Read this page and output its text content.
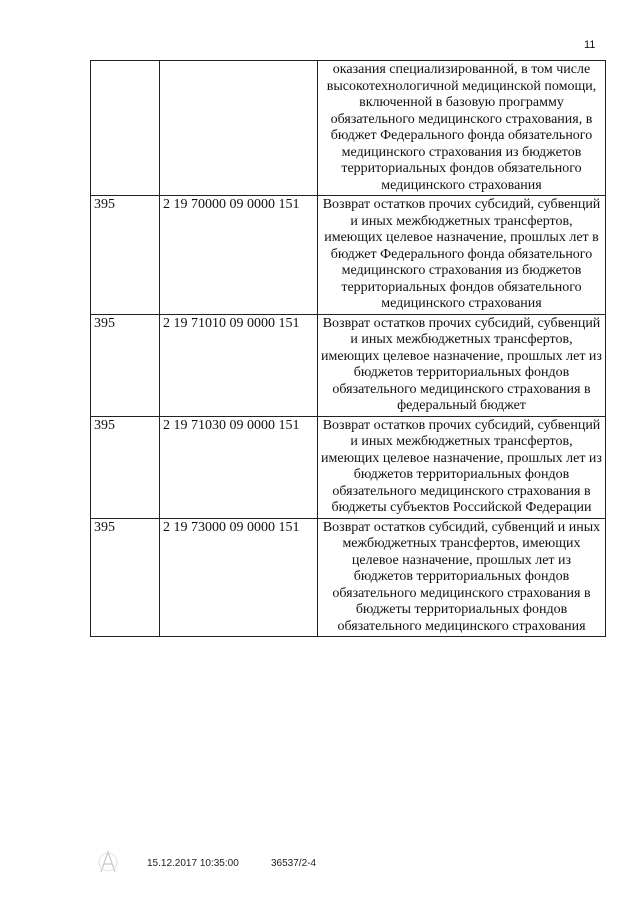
11
		оказания специализированной, в том числе высокотехнологичной медицинской помощи, включенной в базовую программу обязательного медицинского страхования, в бюджет Федерального фонда обязательного медицинского страхования из бюджетов территориальных фондов обязательного медицинского страхования
395	2 19 70000 09 0000 151	Возврат остатков прочих субсидий, субвенций и иных межбюджетных трансфертов, имеющих целевое назначение, прошлых лет в бюджет Федерального фонда обязательного медицинского страхования из бюджетов территориальных фондов обязательного медицинского страхования
395	2 19 71010 09 0000 151	Возврат остатков прочих субсидий, субвенций и иных межбюджетных трансфертов, имеющих целевое назначение, прошлых лет из бюджетов территориальных фондов обязательного медицинского страхования в федеральный бюджет
395	2 19 71030 09 0000 151	Возврат остатков прочих субсидий, субвенций и иных межбюджетных трансфертов, имеющих целевое назначение, прошлых лет из бюджетов территориальных фондов обязательного медицинского страхования в бюджеты субъектов Российской Федерации
395	2 19 73000 09 0000 151	Возврат остатков субсидий, субвенций и иных межбюджетных трансфертов, имеющих целевое назначение, прошлых лет из бюджетов территориальных фондов обязательного медицинского страхования в бюджеты территориальных фондов обязательного медицинского страхования
15.12.2017 10:35:00	36537/2-4
